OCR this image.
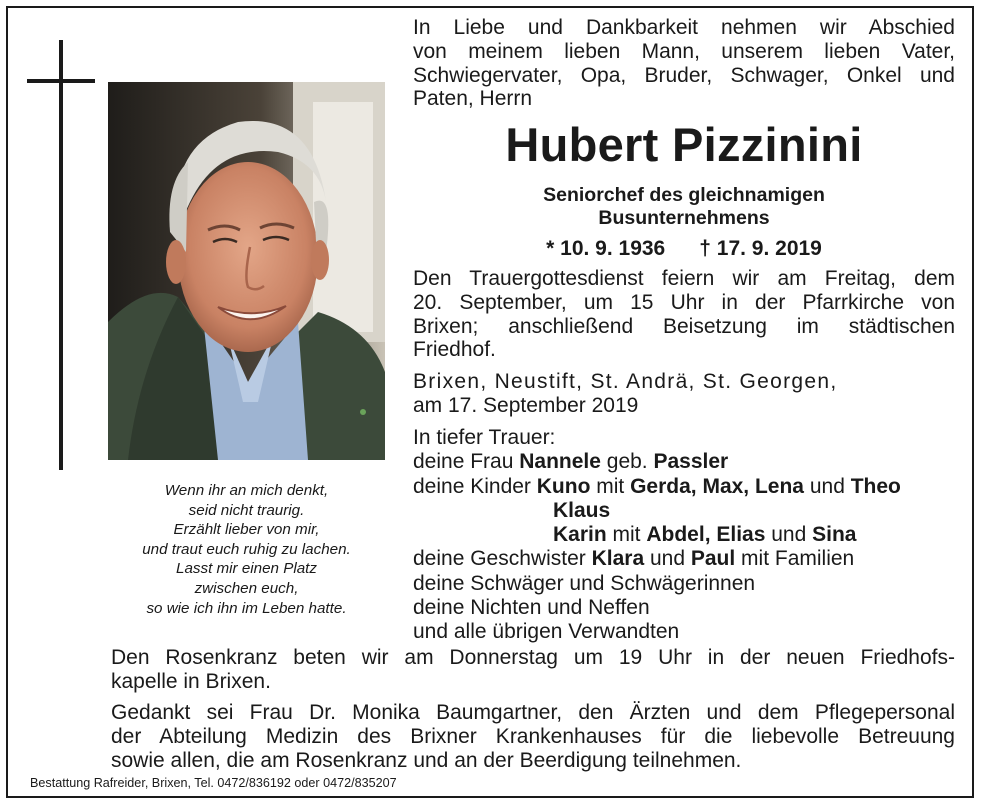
Wenn ihr an mich denkt,
seid nicht traurig.
Erzählt lieber von mir,
und traut euch ruhig zu lachen.
Lasst mir einen Platz
zwischen euch,
so wie ich ihn im Leben hatte.
In Liebe und Dankbarkeit nehmen wir Abschied
von meinem lieben Mann, unserem lieben Vater,
Schwiegervater, Opa, Bruder, Schwager, Onkel und
Paten, Herrn
Hubert Pizzinini
Seniorchef des gleichnamigen
Busunternehmens
* 10. 9. 1936 † 17. 9. 2019
Den Trauergottesdienst feiern wir am Freitag, dem
20. September, um 15 Uhr in der Pfarrkirche von
Brixen; anschließend Beisetzung im städtischen
Friedhof.
Brixen, Neustift, St. Andrä, St. Georgen,
am 17. September 2019
In tiefer Trauer:
deine Frau Nannele geb. Passler
deine Kinder Kuno mit Gerda, Max, Lena und Theo
Klaus
Karin mit Abdel, Elias und Sina
deine Geschwister Klara und Paul mit Familien
deine Schwäger und Schwägerinnen
deine Nichten und Neffen
und alle übrigen Verwandten
Den Rosenkranz beten wir am Donnerstag um 19 Uhr in der neuen Friedhofs-
kapelle in Brixen.
Gedankt sei Frau Dr. Monika Baumgartner, den Ärzten und dem Pflegepersonal
der Abteilung Medizin des Brixner Krankenhauses für die liebevolle Betreuung
sowie allen, die am Rosenkranz und an der Beerdigung teilnehmen.
Bestattung Rafreider, Brixen, Tel. 0472/836192 oder 0472/835207
